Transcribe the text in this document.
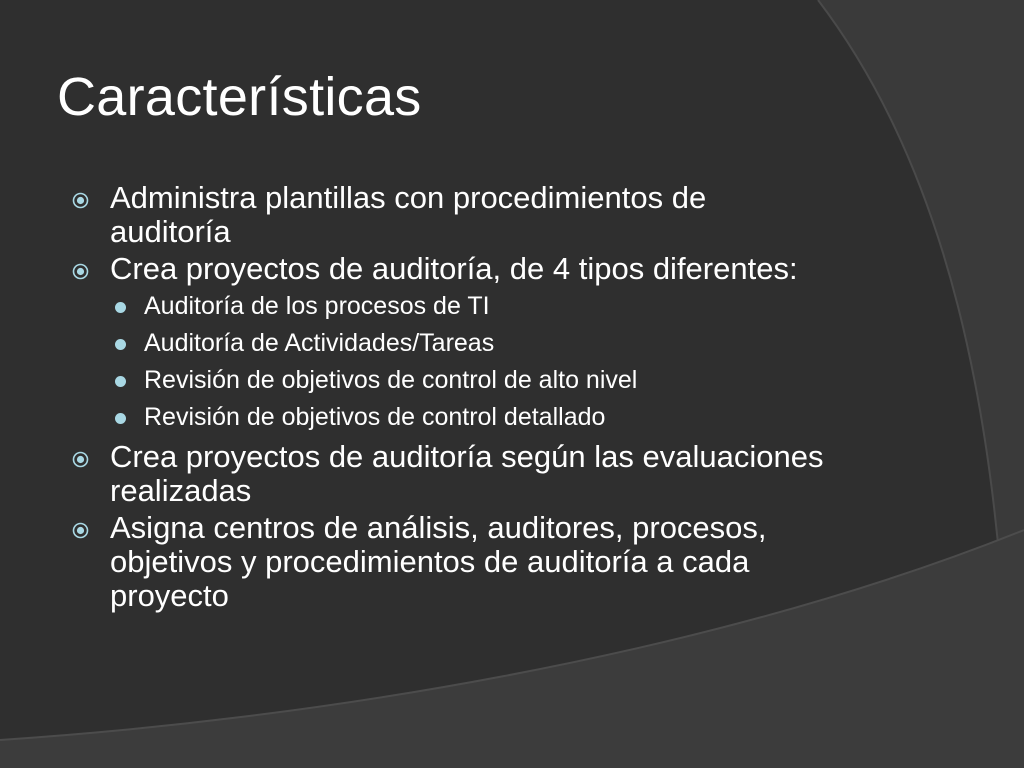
Características
Administra plantillas con procedimientos de auditoría
Crea proyectos de auditoría, de 4 tipos diferentes:
Auditoría de los procesos de TI
Auditoría de Actividades/Tareas
Revisión de objetivos de control de alto nivel
Revisión de objetivos de control detallado
Crea proyectos de auditoría según las evaluaciones realizadas
Asigna centros de análisis, auditores, procesos, objetivos y procedimientos de auditoría a cada proyecto
